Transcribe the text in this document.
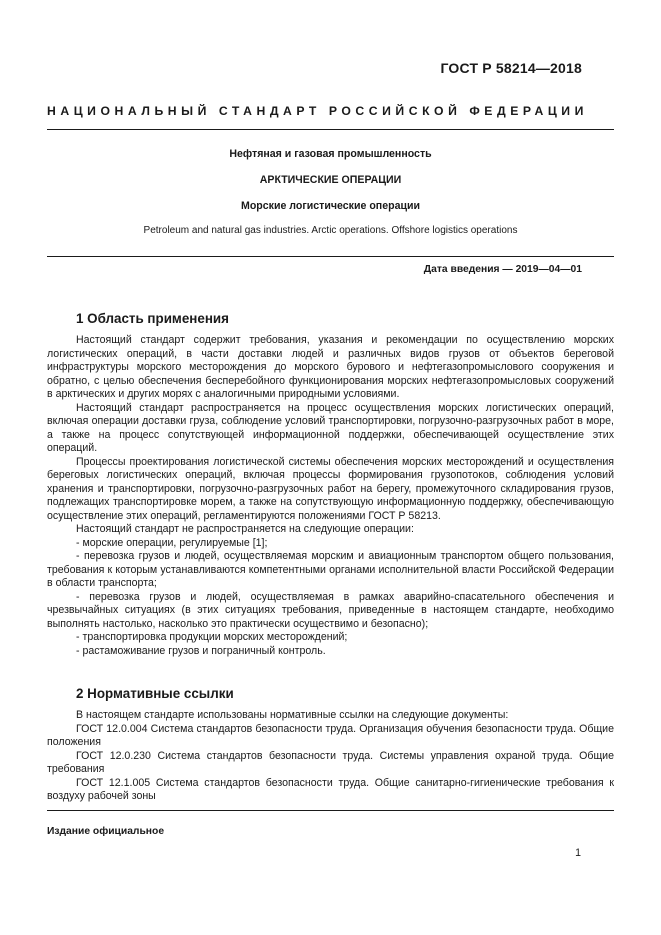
ГОСТ Р 58214—2018
НАЦИОНАЛЬНЫЙ СТАНДАРТ РОССИЙСКОЙ ФЕДЕРАЦИИ
Нефтяная и газовая промышленность
АРКТИЧЕСКИЕ ОПЕРАЦИИ
Морские логистические операции
Petroleum and natural gas industries. Arctic operations. Offshore logistics operations
Дата введения — 2019—04—01
1 Область применения

Настоящий стандарт содержит требования, указания и рекомендации по осуществлению морских логистических операций, в части доставки людей и различных видов грузов от объектов береговой инфраструктуры морского месторождения до морского бурового и нефтегазопромыслового сооружения и обратно, с целью обеспечения бесперебойного функционирования морских нефтегазопромысловых сооружений в арктических и других морях с аналогичными природными условиями.

Настоящий стандарт распространяется на процесс осуществления морских логистических операций, включая операции доставки груза, соблюдение условий транспортировки, погрузочно-разгрузочных работ в море, а также на процесс сопутствующей информационной поддержки, обеспечивающей осуществление этих операций.

Процессы проектирования логистической системы обеспечения морских месторождений и осуществления береговых логистических операций, включая процессы формирования грузопотоков, соблюдения условий хранения и транспортировки, погрузочно-разгрузочных работ на берегу, промежуточного складирования грузов, подлежащих транспортировке морем, а также на сопутствующую информационную поддержку, обеспечивающую осуществление этих операций, регламентируются положениями ГОСТ Р 58213.

Настоящий стандарт не распространяется на следующие операции:

- морские операции, регулируемые [1];

- перевозка грузов и людей, осуществляемая морским и авиационным транспортом общего пользования, требования к которым устанавливаются компетентными органами исполнительной власти Российской Федерации в области транспорта;

- перевозка грузов и людей, осуществляемая в рамках аварийно-спасательного обеспечения и чрезвычайных ситуациях (в этих ситуациях требования, приведенные в настоящем стандарте, необходимо выполнять настолько, насколько это практически осуществимо и безопасно);

- транспортировка продукции морских месторождений;

- растаможивание грузов и пограничный контроль.

2 Нормативные ссылки

В настоящем стандарте использованы нормативные ссылки на следующие документы:

ГОСТ 12.0.004 Система стандартов безопасности труда. Организация обучения безопасности труда. Общие положения

ГОСТ 12.0.230 Система стандартов безопасности труда. Системы управления охраной труда. Общие требования

ГОСТ 12.1.005 Система стандартов безопасности труда. Общие санитарно-гигиенические требования к воздуху рабочей зоны

Издание официальное
1
